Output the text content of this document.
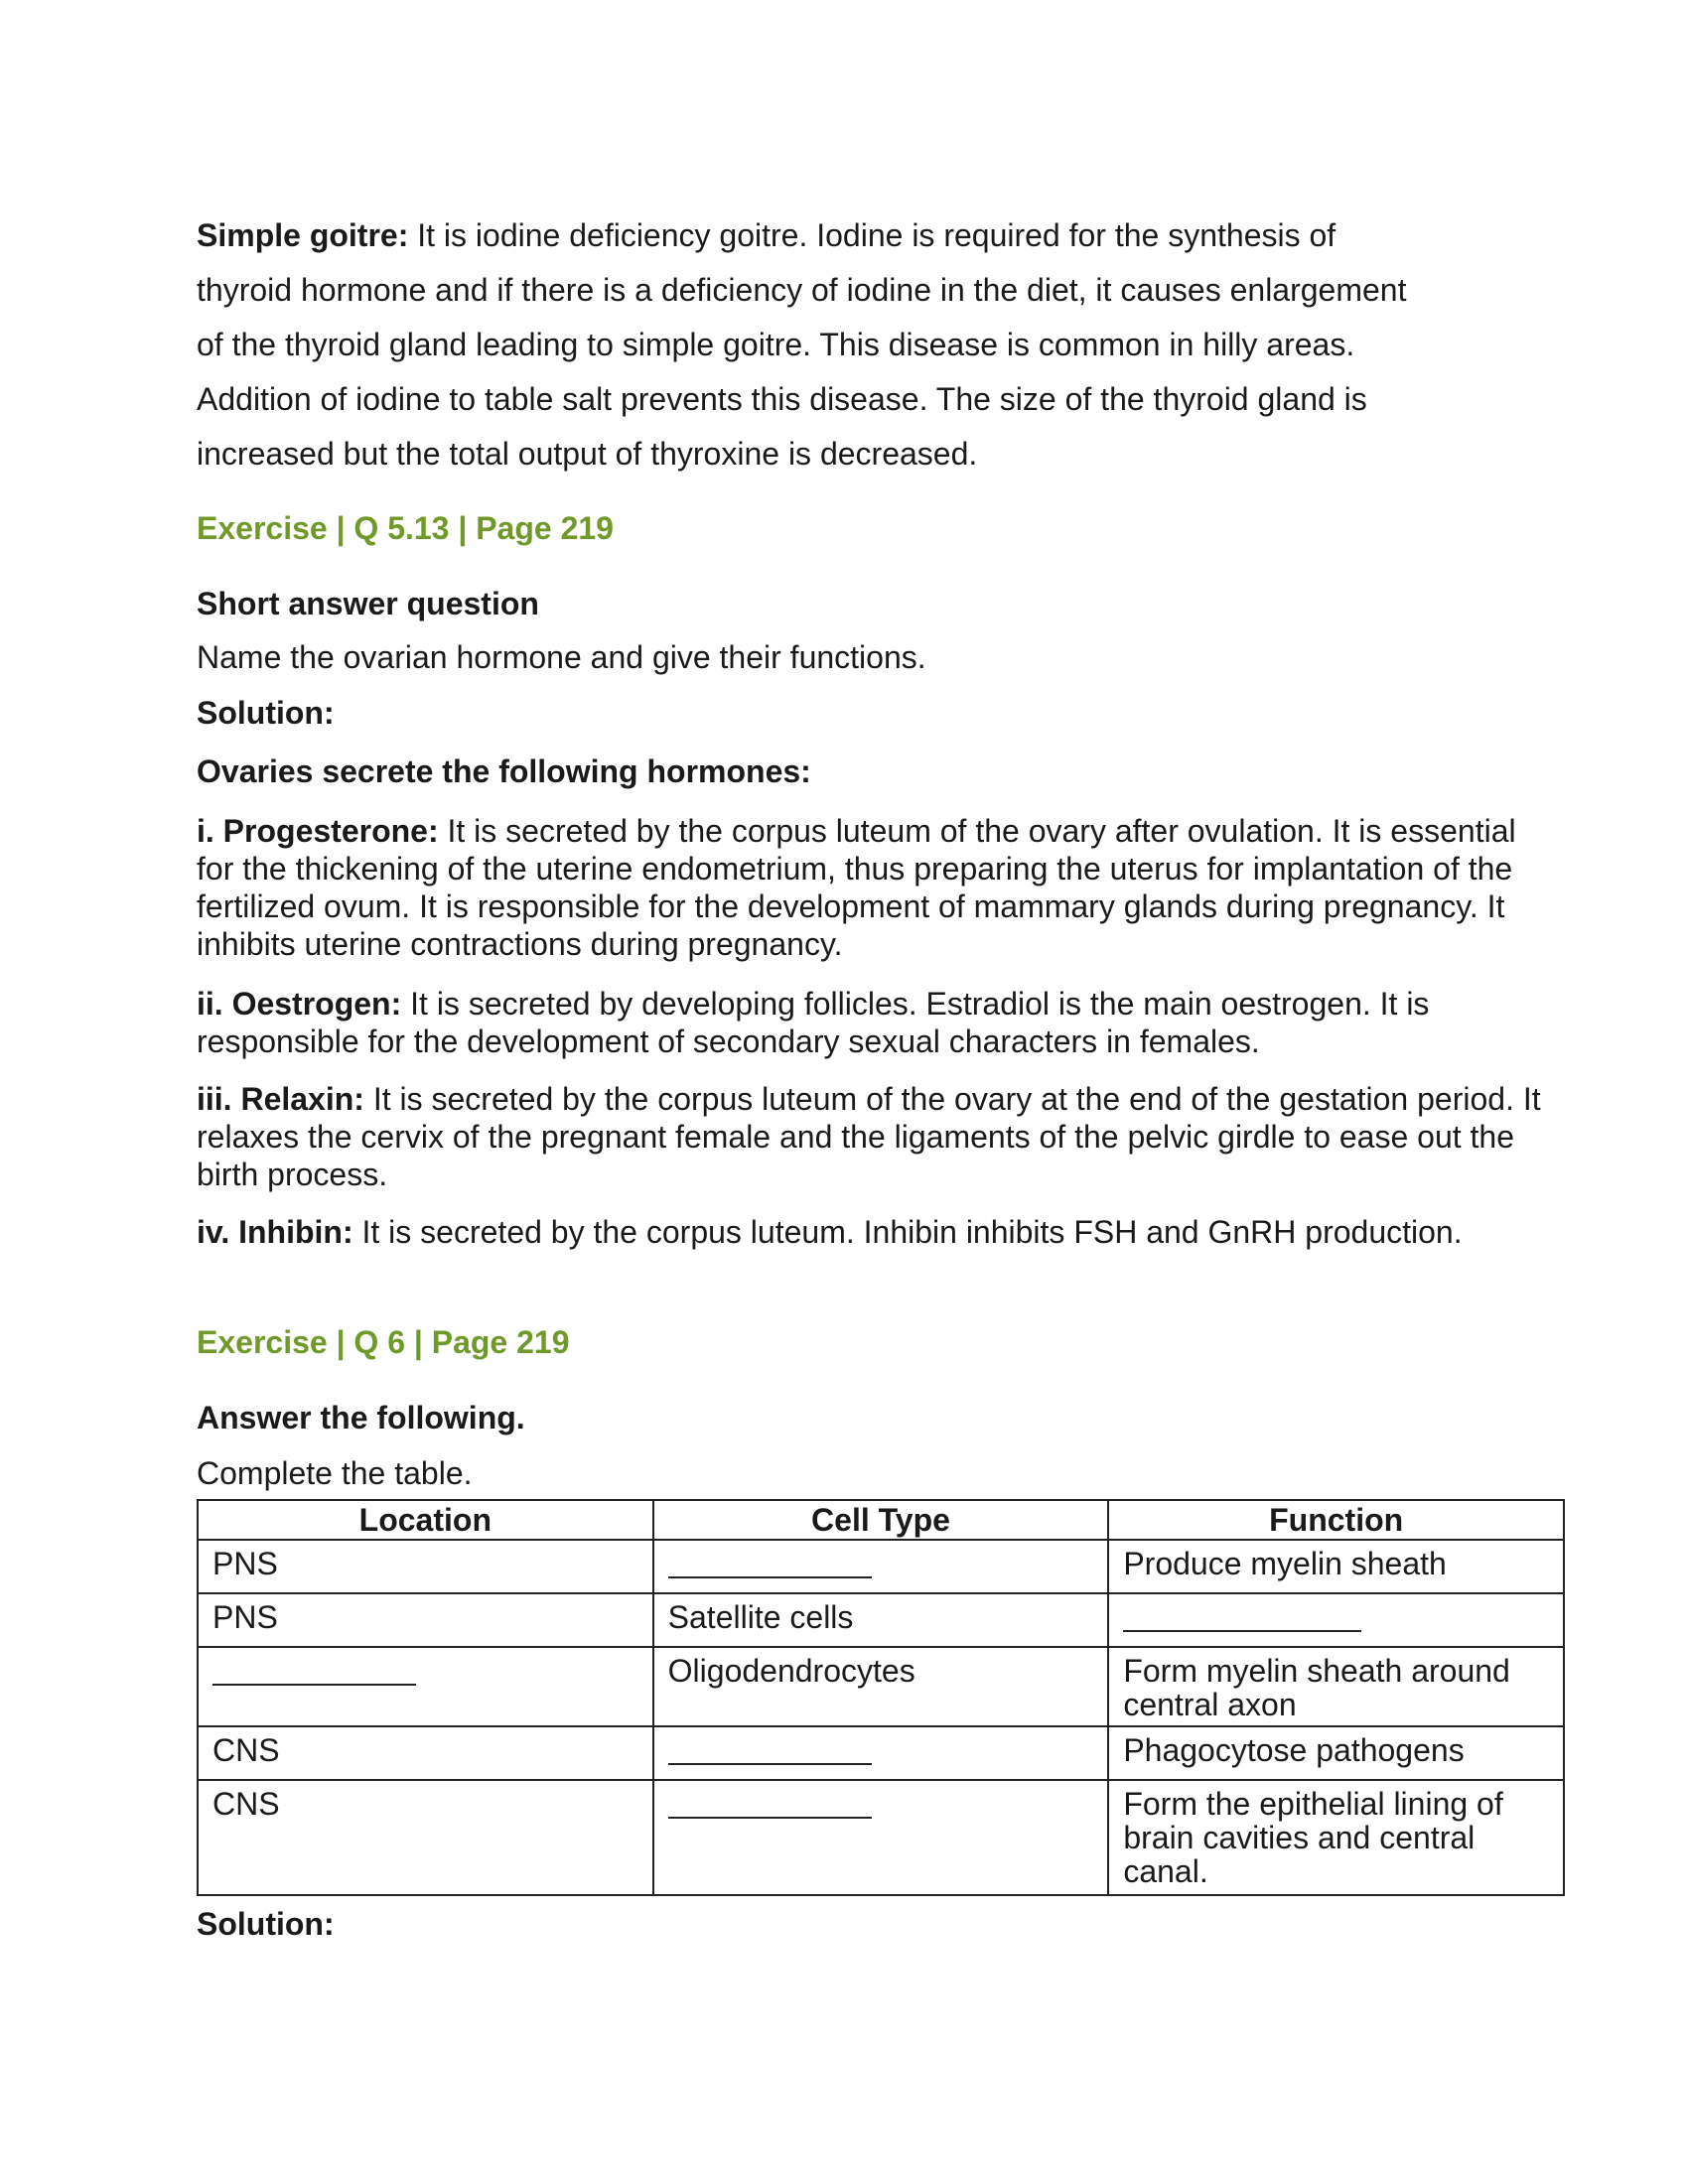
Simple goitre: It is iodine deficiency goitre. Iodine is required for the synthesis of

thyroid hormone and if there is a deficiency of iodine in the diet, it causes enlargement

of the thyroid gland leading to simple goitre. This disease is common in hilly areas.

Addition of iodine to table salt prevents this disease. The size of the thyroid gland is

increased but the total output of thyroxine is decreased.

Exercise | Q 5.13 | Page 219

Short answer question

Name the ovarian hormone and give their functions.

Solution:

Ovaries secrete the following hormones:

i. Progesterone: It is secreted by the corpus luteum of the ovary after ovulation. It is essential for the thickening of the uterine endometrium, thus preparing the uterus for implantation of the fertilized ovum. It is responsible for the development of mammary glands during pregnancy. It inhibits uterine contractions during pregnancy.

ii. Oestrogen: It is secreted by developing follicles. Estradiol is the main oestrogen. It is responsible for the development of secondary sexual characters in females.

iii. Relaxin: It is secreted by the corpus luteum of the ovary at the end of the gestation period. It relaxes the cervix of the pregnant female and the ligaments of the pelvic girdle to ease out the birth process.

iv. Inhibin: It is secreted by the corpus luteum. Inhibin inhibits FSH and GnRH production.

Exercise | Q 6 | Page 219

Answer the following.

Complete the table.

Location	Cell Type	Function
PNS		Produce myelin sheath
PNS	Satellite cells	
	Oligodendrocytes	Form myelin sheath around central axon
CNS		Phagocytose pathogens
CNS		Form the epithelial lining of brain cavities and central canal.

Solution:
